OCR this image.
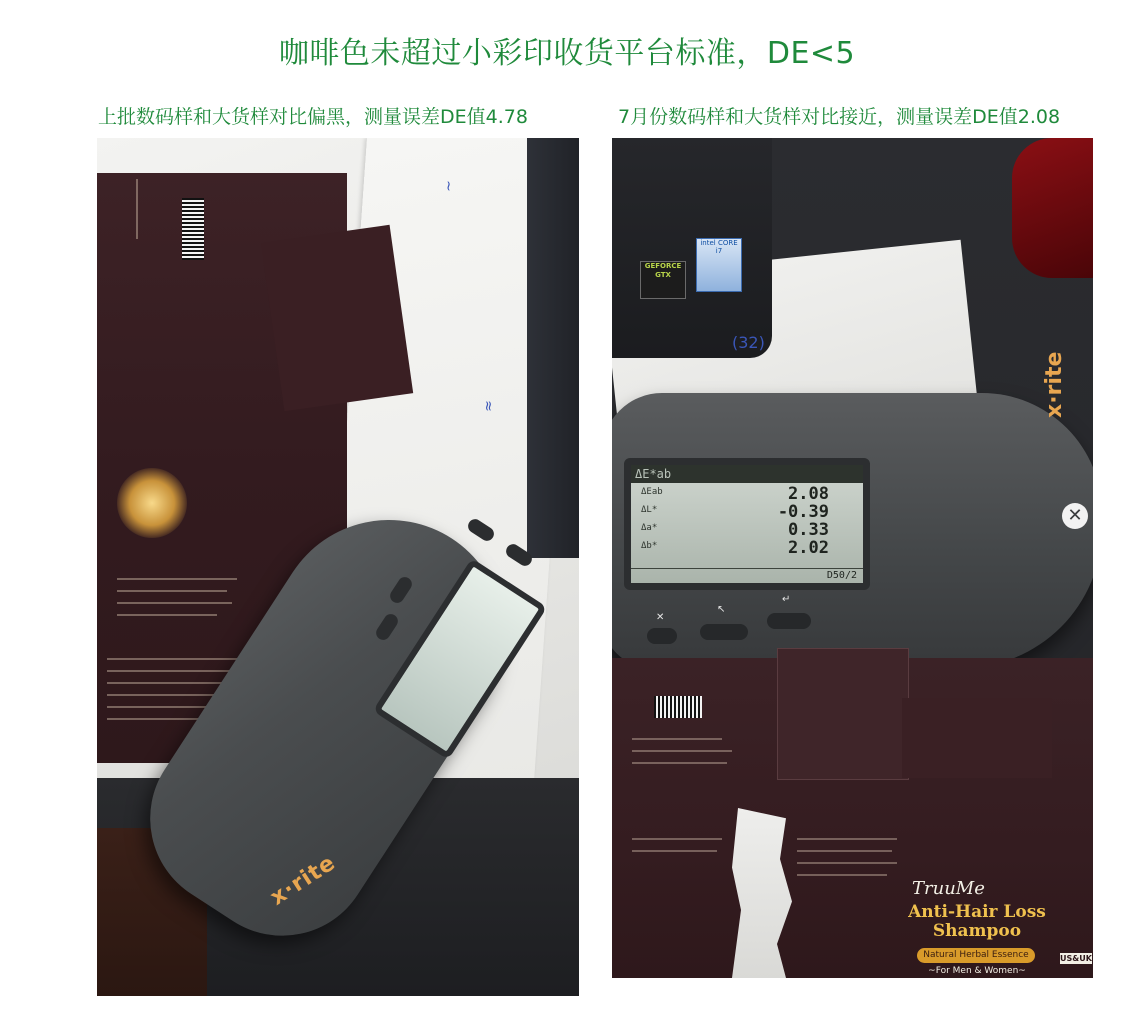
咖啡色未超过小彩印收货平台标准，DE<5
上批数码样和大货样对比偏黑，测量误差DE值4.78	7月份数码样和大货样对比接近，测量误差DE值2.08
~
≈
x·rite
GEFORCE GTX
intel CORE i7
(32)
ΔE*ab
ΔEab	2.08
ΔL*	-0.39
Δa*	0.33
Δb*	2.02
D50/2
✕
↖
↵
x·rite
✕
TruuMe
Anti-Hair Loss Shampoo
Natural Herbal Essence
~For Men & Women~
US&UK
